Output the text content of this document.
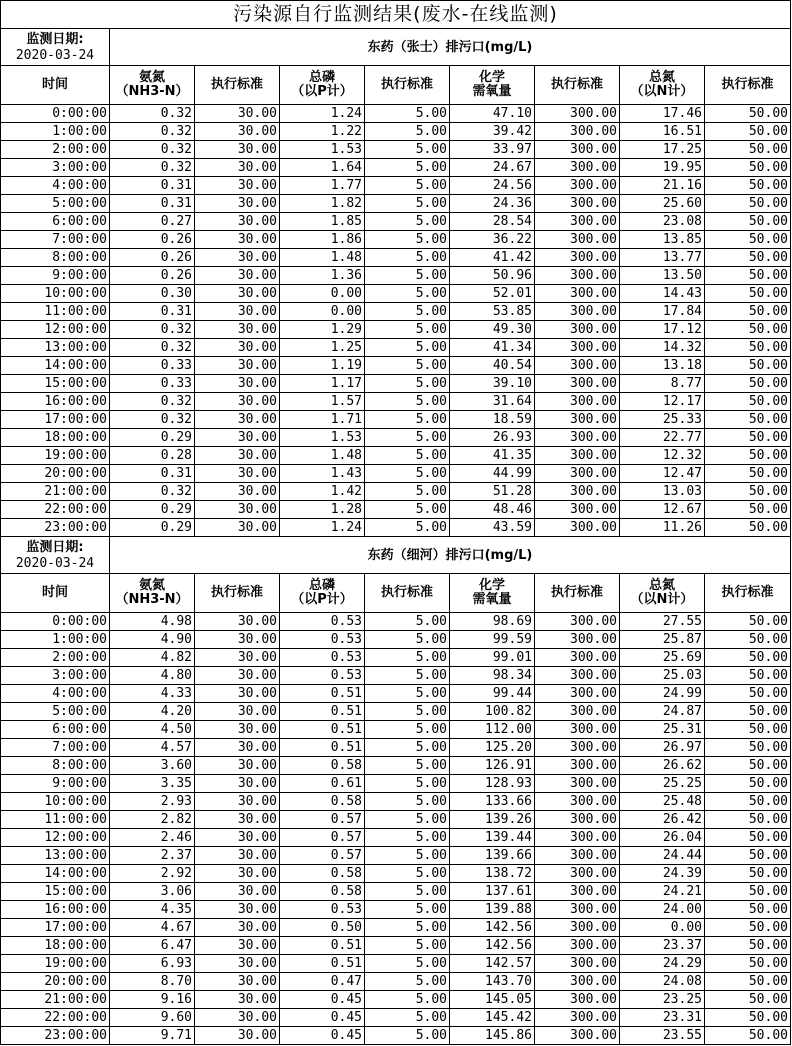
污染源自行监测结果(废水-在线监测)								

监测日期:
2020-03-24	东药（张士）排污口(mg/L)							

时间	氨氮
（NH3-N）	执行标准	总磷
（以P计）	执行标准	化学
需氧量	执行标准	总氮
（以N计）	执行标准

0:00:00	0.32	30.00	1.24	5.00	47.10	300.00	17.46	50.00
1:00:00	0.32	30.00	1.22	5.00	39.42	300.00	16.51	50.00
2:00:00	0.32	30.00	1.53	5.00	33.97	300.00	17.25	50.00
3:00:00	0.32	30.00	1.64	5.00	24.67	300.00	19.95	50.00
4:00:00	0.31	30.00	1.77	5.00	24.56	300.00	21.16	50.00
5:00:00	0.31	30.00	1.82	5.00	24.36	300.00	25.60	50.00
6:00:00	0.27	30.00	1.85	5.00	28.54	300.00	23.08	50.00
7:00:00	0.26	30.00	1.86	5.00	36.22	300.00	13.85	50.00
8:00:00	0.26	30.00	1.48	5.00	41.42	300.00	13.77	50.00
9:00:00	0.26	30.00	1.36	5.00	50.96	300.00	13.50	50.00
10:00:00	0.30	30.00	0.00	5.00	52.01	300.00	14.43	50.00
11:00:00	0.31	30.00	0.00	5.00	53.85	300.00	17.84	50.00
12:00:00	0.32	30.00	1.29	5.00	49.30	300.00	17.12	50.00
13:00:00	0.32	30.00	1.25	5.00	41.34	300.00	14.32	50.00
14:00:00	0.33	30.00	1.19	5.00	40.54	300.00	13.18	50.00
15:00:00	0.33	30.00	1.17	5.00	39.10	300.00	8.77	50.00
16:00:00	0.32	30.00	1.57	5.00	31.64	300.00	12.17	50.00
17:00:00	0.32	30.00	1.71	5.00	18.59	300.00	25.33	50.00
18:00:00	0.29	30.00	1.53	5.00	26.93	300.00	22.77	50.00
19:00:00	0.28	30.00	1.48	5.00	41.35	300.00	12.32	50.00
20:00:00	0.31	30.00	1.43	5.00	44.99	300.00	12.47	50.00
21:00:00	0.32	30.00	1.42	5.00	51.28	300.00	13.03	50.00
22:00:00	0.29	30.00	1.28	5.00	48.46	300.00	12.67	50.00
23:00:00	0.29	30.00	1.24	5.00	43.59	300.00	11.26	50.00

监测日期:
2020-03-24	东药（细河）排污口(mg/L)							

时间	氨氮
（NH3-N）	执行标准	总磷
（以P计）	执行标准	化学
需氧量	执行标准	总氮
（以N计）	执行标准

0:00:00	4.98	30.00	0.53	5.00	98.69	300.00	27.55	50.00
1:00:00	4.90	30.00	0.53	5.00	99.59	300.00	25.87	50.00
2:00:00	4.82	30.00	0.53	5.00	99.01	300.00	25.69	50.00
3:00:00	4.80	30.00	0.53	5.00	98.34	300.00	25.03	50.00
4:00:00	4.33	30.00	0.51	5.00	99.44	300.00	24.99	50.00
5:00:00	4.20	30.00	0.51	5.00	100.82	300.00	24.87	50.00
6:00:00	4.50	30.00	0.51	5.00	112.00	300.00	25.31	50.00
7:00:00	4.57	30.00	0.51	5.00	125.20	300.00	26.97	50.00
8:00:00	3.60	30.00	0.58	5.00	126.91	300.00	26.62	50.00
9:00:00	3.35	30.00	0.61	5.00	128.93	300.00	25.25	50.00
10:00:00	2.93	30.00	0.58	5.00	133.66	300.00	25.48	50.00
11:00:00	2.82	30.00	0.57	5.00	139.26	300.00	26.42	50.00
12:00:00	2.46	30.00	0.57	5.00	139.44	300.00	26.04	50.00
13:00:00	2.37	30.00	0.57	5.00	139.66	300.00	24.44	50.00
14:00:00	2.92	30.00	0.58	5.00	138.72	300.00	24.39	50.00
15:00:00	3.06	30.00	0.58	5.00	137.61	300.00	24.21	50.00
16:00:00	4.35	30.00	0.53	5.00	139.88	300.00	24.00	50.00
17:00:00	4.67	30.00	0.50	5.00	142.56	300.00	0.00	50.00
18:00:00	6.47	30.00	0.51	5.00	142.56	300.00	23.37	50.00
19:00:00	6.93	30.00	0.51	5.00	142.57	300.00	24.29	50.00
20:00:00	8.70	30.00	0.47	5.00	143.70	300.00	24.08	50.00
21:00:00	9.16	30.00	0.45	5.00	145.05	300.00	23.25	50.00
22:00:00	9.60	30.00	0.45	5.00	145.42	300.00	23.31	50.00
23:00:00	9.71	30.00	0.45	5.00	145.86	300.00	23.55	50.00
